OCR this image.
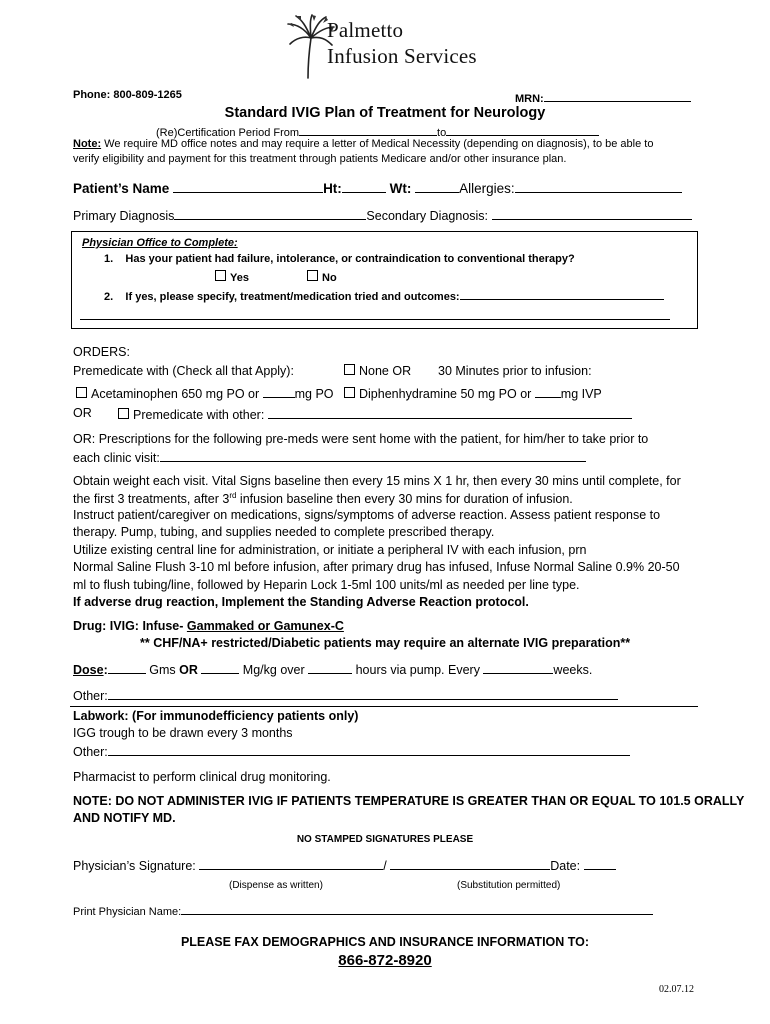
Palmetto
Infusion Services
Phone: 800-809-1265	MRN:
Standard IVIG Plan of Treatment for Neurology
(Re)Certification Period From	to
Note: We require MD office notes and may require a letter of Medical Necessity (depending on diagnosis), to be able to
verify eligibility and payment for this treatment through patients Medicare and/or other insurance plan.
Patient’s Name	Ht:	Wt:	Allergies:
Primary Diagnosis	Secondary Diagnosis:
Physician Office to Complete:
1. Has your patient had failure, intolerance, or contraindication to conventional therapy?
Yes	No
2. If yes, please specify, treatment/medication tried and outcomes:
ORDERS:
Premedicate with (Check all that Apply):	None OR 30 Minutes prior to infusion:
Acetaminophen 650 mg PO or	mg PO	Diphenhydramine 50 mg PO or mg IVP
OR	Premedicate with other:
OR: Prescriptions for the following pre-meds were sent home with the patient, for him/her to take prior to
each clinic visit:
Obtain weight each visit. Vital Signs baseline then every 15 mins X 1 hr, then every 30 mins until complete, for
the first 3 treatments, after 3rd infusion baseline then every 30 mins for duration of infusion.
Instruct patient/caregiver on medications, signs/symptoms of adverse reaction. Assess patient response to
therapy. Pump, tubing, and supplies needed to complete prescribed therapy.
Utilize existing central line for administration, or initiate a peripheral IV with each infusion, prn
Normal Saline Flush 3-10 ml before infusion, after primary drug has infused, Infuse Normal Saline 0.9% 20-50
ml to flush tubing/line, followed by Heparin Lock 1-5ml 100 units/ml as needed per line type.
If adverse drug reaction, Implement the Standing Adverse Reaction protocol.
Drug: IVIG: Infuse- Gammaked or Gamunex-C
** CHF/NA+ restricted/Diabetic patients may require an alternate IVIG preparation**
Dose:	Gms OR	Mg/kg over	hours via pump. Every	weeks.
Other:
Labwork: (For immunodefficiency patients only)
IGG trough to be drawn every 3 months
Other:
Pharmacist to perform clinical drug monitoring.
NOTE: DO NOT ADMINISTER IVIG IF PATIENTS TEMPERATURE IS GREATER THAN OR EQUAL TO 101.5 ORALLY
AND NOTIFY MD.
NO STAMPED SIGNATURES PLEASE
Physician’s Signature:	/	Date:
(Dispense as written)	(Substitution permitted)
Print Physician Name:
PLEASE FAX DEMOGRAPHICS AND INSURANCE INFORMATION TO:
866-872-8920
02.07.12
